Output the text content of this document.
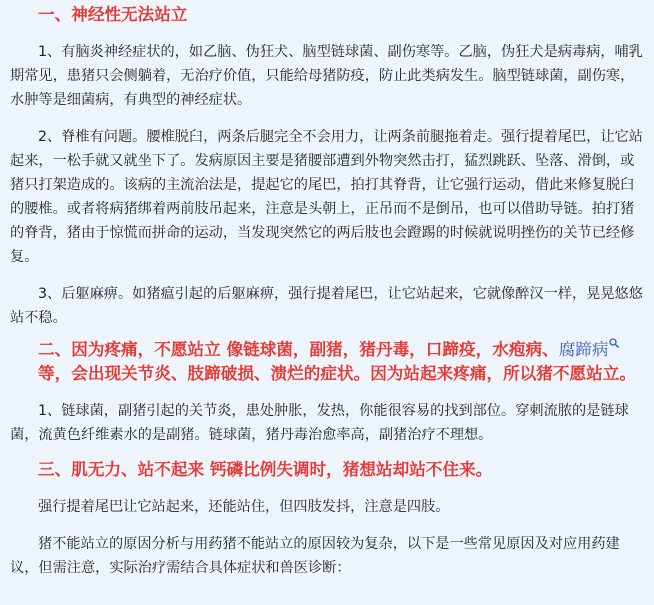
一、神经性无法站立

1、有脑炎神经症状的，如乙脑、伪狂犬、脑型链球菌、副伤寒等。乙脑，伪狂犬是病毒病，哺乳期常见，患猪只会侧躺着，无治疗价值，只能给母猪防疫，防止此类病发生。脑型链球菌，副伤寒，水肿等是细菌病，有典型的神经症状。

2、脊椎有问题。腰椎脱臼，两条后腿完全不会用力，让两条前腿拖着走。强行提着尾巴，让它站起来，一松手就又就坐下了。发病原因主要是猪腰部遭到外物突然击打，猛烈跳跃、坠落、滑倒，或猪只打架造成的。该病的主流治法是，提起它的尾巴，拍打其脊背，让它强行运动，借此来修复脱臼的腰椎。或者将病猪绑着两前肢吊起来，注意是头朝上，正吊而不是倒吊，也可以借助导链。拍打猪的脊背，猪由于惊慌而拼命的运动，当发现突然它的两后肢也会蹬踢的时候就说明挫伤的关节已经修复。

3、后躯麻痹。如猪瘟引起的后躯麻痹，强行提着尾巴，让它站起来，它就像醉汉一样，晃晃悠悠站不稳。

二、因为疼痛，不愿站立 像链球菌，副猪，猪丹毒，口蹄疫，水疱病、腐蹄病等，会出现关节炎、肢蹄破损、溃烂的症状。因为站起来疼痛，所以猪不愿站立。

1、链球菌，副猪引起的关节炎，患处肿胀，发热，你能很容易的找到部位。穿刺流脓的是链球菌，流黄色纤维素水的是副猪。链球菌，猪丹毒治愈率高，副猪治疗不理想。

三、肌无力、站不起来 钙磷比例失调时，猪想站却站不住来。

强行提着尾巴让它站起来，还能站住，但四肢发抖，注意是四肢。

猪不能站立的原因分析与用药猪不能站立的原因较为复杂，以下是一些常见原因及对应用药建议，但需注意，实际治疗需结合具体症状和兽医诊断：
